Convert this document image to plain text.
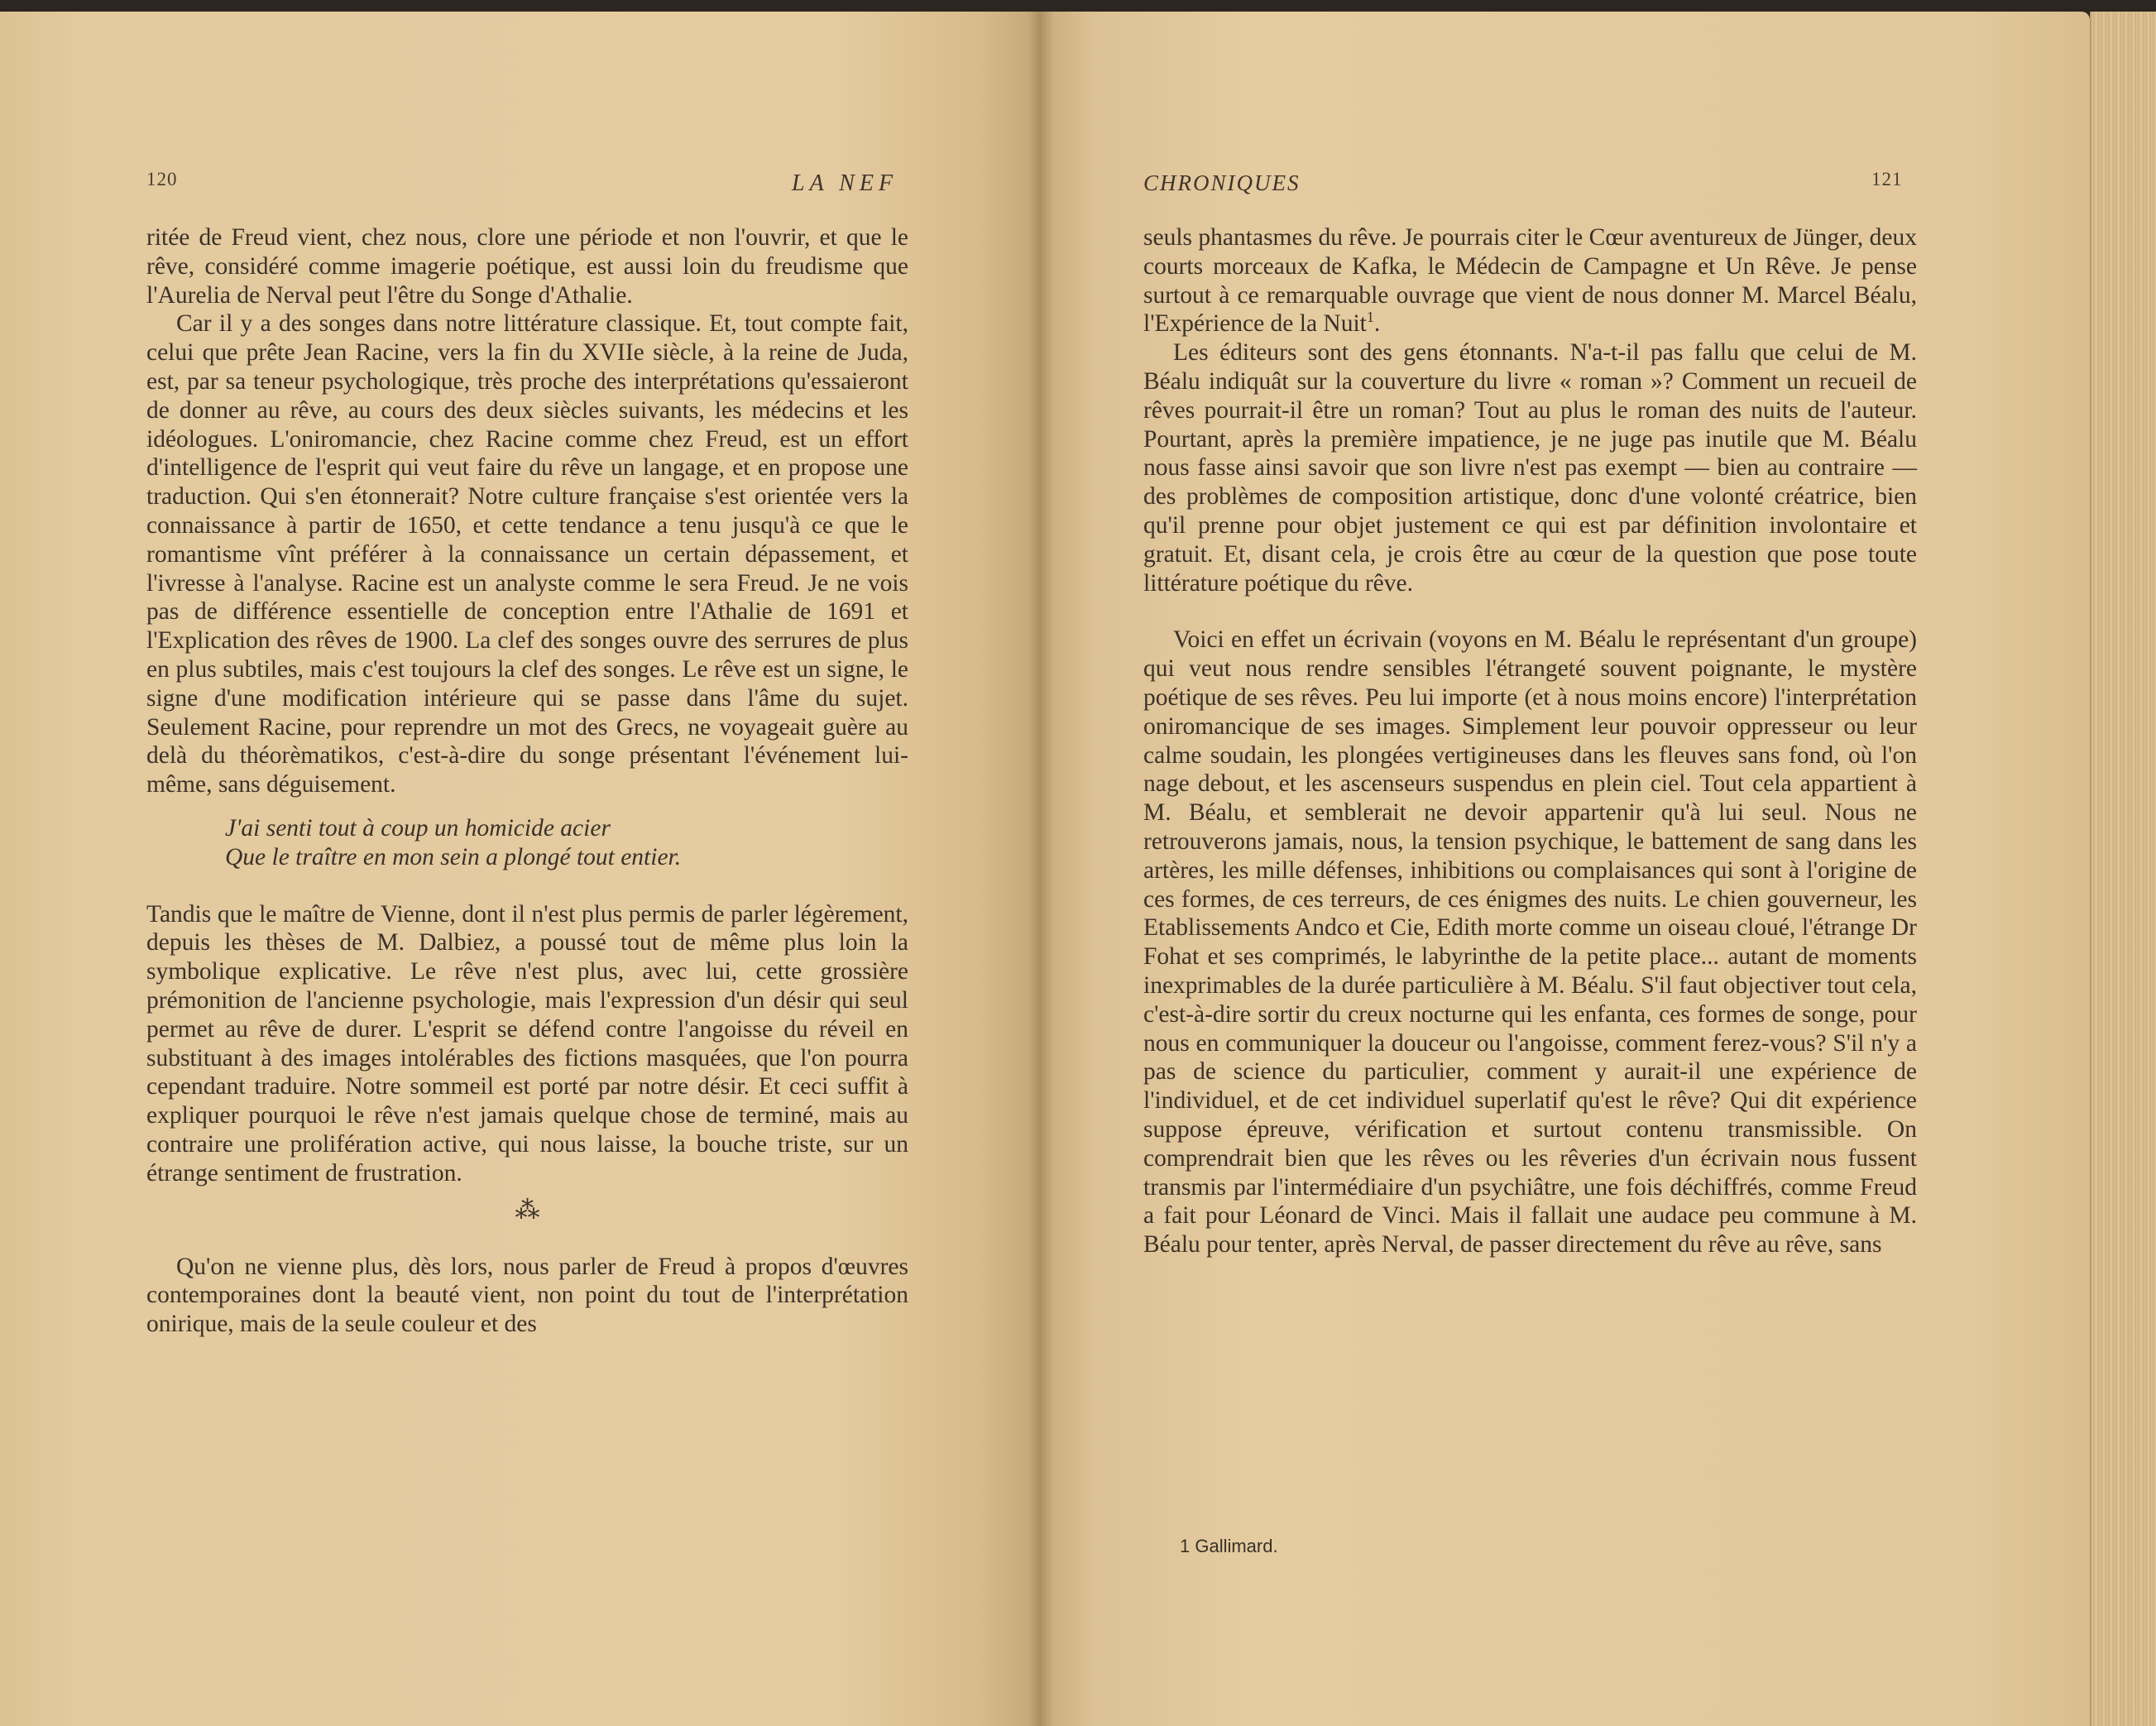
120	LA NEF

ritée de Freud vient, chez nous, clore une période et non l'ouvrir, et que le rêve, considéré comme imagerie poétique, est aussi loin du freudisme que l'Aurelia de Nerval peut l'être du Songe d'Athalie.

Car il y a des songes dans notre littérature classique. Et, tout compte fait, celui que prête Jean Racine, vers la fin du XVIIe siècle, à la reine de Juda, est, par sa teneur psychologique, très proche des interprétations qu'essaieront de donner au rêve, au cours des deux siècles suivants, les médecins et les idéologues. L'oniromancie, chez Racine comme chez Freud, est un effort d'intelligence de l'esprit qui veut faire du rêve un langage, et en propose une traduction. Qui s'en étonnerait? Notre culture française s'est orientée vers la connaissance à partir de 1650, et cette tendance a tenu jusqu'à ce que le romantisme vînt préférer à la connaissance un certain dépassement, et l'ivresse à l'analyse. Racine est un analyste comme le sera Freud. Je ne vois pas de différence essentielle de conception entre l'Athalie de 1691 et l'Explication des rêves de 1900. La clef des songes ouvre des serrures de plus en plus subtiles, mais c'est toujours la clef des songes. Le rêve est un signe, le signe d'une modification intérieure qui se passe dans l'âme du sujet. Seulement Racine, pour reprendre un mot des Grecs, ne voyageait guère au delà du théorèmatikos, c'est-à-dire du songe présentant l'événement lui-même, sans déguisement.

J'ai senti tout à coup un homicide acier
Que le traître en mon sein a plongé tout entier.

Tandis que le maître de Vienne, dont il n'est plus permis de parler légèrement, depuis les thèses de M. Dalbiez, a poussé tout de même plus loin la symbolique explicative. Le rêve n'est plus, avec lui, cette grossière prémonition de l'ancienne psychologie, mais l'expression d'un désir qui seul permet au rêve de durer. L'esprit se défend contre l'angoisse du réveil en substituant à des images intolérables des fictions masquées, que l'on pourra cependant traduire. Notre sommeil est porté par notre désir. Et ceci suffit à expliquer pourquoi le rêve n'est jamais quelque chose de terminé, mais au contraire une prolifération active, qui nous laisse, la bouche triste, sur un étrange sentiment de frustration.

⁂

Qu'on ne vienne plus, dès lors, nous parler de Freud à propos d'œuvres contemporaines dont la beauté vient, non point du tout de l'interprétation onirique, mais de la seule couleur et des

CHRONIQUES	121

seuls phantasmes du rêve. Je pourrais citer le Cœur aventureux de Jünger, deux courts morceaux de Kafka, le Médecin de Campagne et Un Rêve. Je pense surtout à ce remarquable ouvrage que vient de nous donner M. Marcel Béalu, l'Expérience de la Nuit$^1$.

Les éditeurs sont des gens étonnants. N'a-t-il pas fallu que celui de M. Béalu indiquât sur la couverture du livre « roman »? Comment un recueil de rêves pourrait-il être un roman? Tout au plus le roman des nuits de l'auteur. Pourtant, après la première impatience, je ne juge pas inutile que M. Béalu nous fasse ainsi savoir que son livre n'est pas exempt — bien au contraire — des problèmes de composition artistique, donc d'une volonté créatrice, bien qu'il prenne pour objet justement ce qui est par définition involontaire et gratuit. Et, disant cela, je crois être au cœur de la question que pose toute littérature poétique du rêve.

Voici en effet un écrivain (voyons en M. Béalu le représentant d'un groupe) qui veut nous rendre sensibles l'étrangeté souvent poignante, le mystère poétique de ses rêves. Peu lui importe (et à nous moins encore) l'interprétation oniromancique de ses images. Simplement leur pouvoir oppresseur ou leur calme soudain, les plongées vertigineuses dans les fleuves sans fond, où l'on nage debout, et les ascenseurs suspendus en plein ciel. Tout cela appartient à M. Béalu, et semblerait ne devoir appartenir qu'à lui seul. Nous ne retrouverons jamais, nous, la tension psychique, le battement de sang dans les artères, les mille défenses, inhibitions ou complaisances qui sont à l'origine de ces formes, de ces terreurs, de ces énigmes des nuits. Le chien gouverneur, les Etablissements Andco et Cie, Edith morte comme un oiseau cloué, l'étrange Dr Fohat et ses comprimés, le labyrinthe de la petite place... autant de moments inexprimables de la durée particulière à M. Béalu. S'il faut objectiver tout cela, c'est-à-dire sortir du creux nocturne qui les enfanta, ces formes de songe, pour nous en communiquer la douceur ou l'angoisse, comment ferez-vous? S'il n'y a pas de science du particulier, comment y aurait-il une expérience de l'individuel, et de cet individuel superlatif qu'est le rêve? Qui dit expérience suppose épreuve, vérification et surtout contenu transmissible. On comprendrait bien que les rêves ou les rêveries d'un écrivain nous fussent transmis par l'intermédiaire d'un psychiâtre, une fois déchiffrés, comme Freud a fait pour Léonard de Vinci. Mais il fallait une audace peu commune à M. Béalu pour tenter, après Nerval, de passer directement du rêve au rêve, sans

1 Gallimard.
